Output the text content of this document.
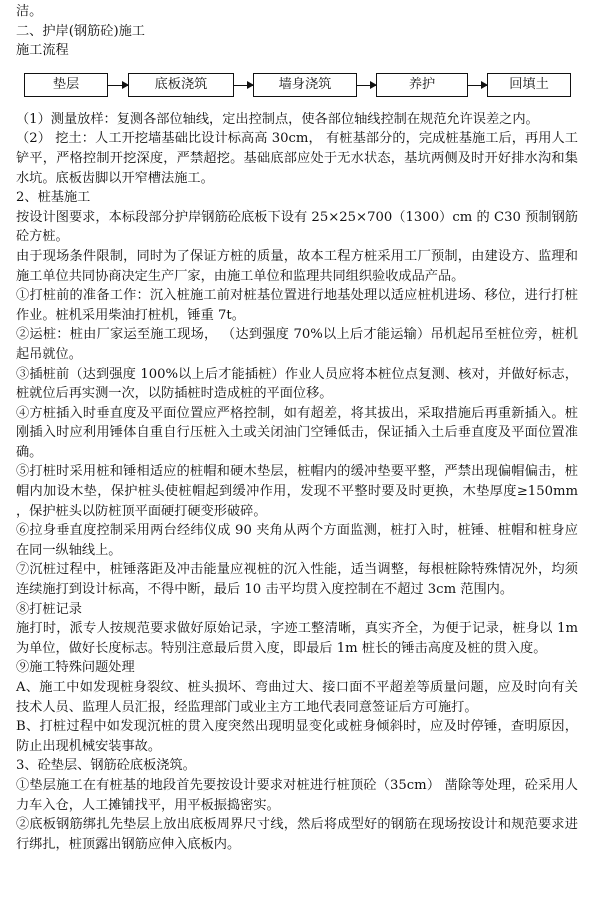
洁。

二、护岸(钢筋砼)施工

施工流程

垫层	底板浇筑	墙身浇筑	养护	回填土

（1）测量放样：复测各部位轴线，定出控制点，使各部位轴线控制在规范允许误差之内。

（2） 挖土：人工开挖墙基础比设计标高高 30cm， 有桩基部分的，完成桩基施工后，再用人工铲平，严格控制开挖深度，严禁超挖。基础底部应处于无水状态，基坑两侧及时开好排水沟和集水坑。底板齿脚以开窄槽法施工。

2、桩基施工

按设计图要求，本标段部分护岸钢筋砼底板下设有 25×25×700（1300）cm 的 C30 预制钢筋砼方桩。

由于现场条件限制，同时为了保证方桩的质量，故本工程方桩采用工厂预制，由建设方、监理和施工单位共同协商决定生产厂家，由施工单位和监理共同组织验收成品产品。

①打桩前的准备工作：沉入桩施工前对桩基位置进行地基处理以适应桩机进场、移位，进行打桩作业。桩机采用柴油打桩机，锤重 7t。

②运桩：桩由厂家运至施工现场， （达到强度 70%以上后才能运输）吊机起吊至桩位旁，桩机起吊就位。

③插桩前（达到强度 100%以上后才能插桩）作业人员应将本桩位点复测、核对，并做好标志，桩就位后再实测一次，以防插桩时造成桩的平面位移。

④方桩插入时垂直度及平面位置应严格控制，如有超差，将其拔出，采取措施后再重新插入。桩刚插入时应利用锤体自重自行压桩入土或关闭油门空锤低击，保证插入土后垂直度及平面位置准确。

⑤打桩时采用桩和锤相适应的桩帽和硬木垫层，桩帽内的缓冲垫要平整，严禁出现偏帽偏击，桩帽内加设木垫，保护桩头使桩帽起到缓冲作用，发现不平整时要及时更换，木垫厚度≥150mm ，保护桩头以防桩顶平面硬打硬变形破碎。

⑥拉身垂直度控制采用两台经纬仪成 90 夹角从两个方面监测，桩打入时，桩锤、桩帽和桩身应在同一纵轴线上。

⑦沉桩过程中，桩锤落距及冲击能量应视桩的沉入性能，适当调整，每根桩除特殊情况外，均须连续施打到设计标高，不得中断，最后 10 击平均贯入度控制在不超过 3cm 范围内。

⑧打桩记录

施打时，派专人按规范要求做好原始记录，字迹工整清晰，真实齐全，为便于记录，桩身以 1m 为单位，做好长度标志。特别注意最后贯入度，即最后 1m 桩长的锤击高度及桩的贯入度。

⑨施工特殊问题处理

A、施工中如发现桩身裂纹、桩头损坏、弯曲过大、接口面不平超差等质量问题，应及时向有关技术人员、监理人员汇报，经监理部门或业主方工地代表同意签证后方可施打。

B、打桩过程中如发现沉桩的贯入度突然出现明显变化或桩身倾斜时，应及时停锤，查明原因，防止出现机械安装事故。

3、砼垫层、钢筋砼底板浇筑。

①垫层施工在有桩基的地段首先要按设计要求对桩进行桩顶砼（35cm） 凿除等处理，砼采用人力车入仓，人工摊铺找平，用平板振捣密实。

②底板钢筋绑扎先垫层上放出底板周界尺寸线，然后将成型好的钢筋在现场按设计和规范要求进行绑扎，桩顶露出钢筋应伸入底板内。
